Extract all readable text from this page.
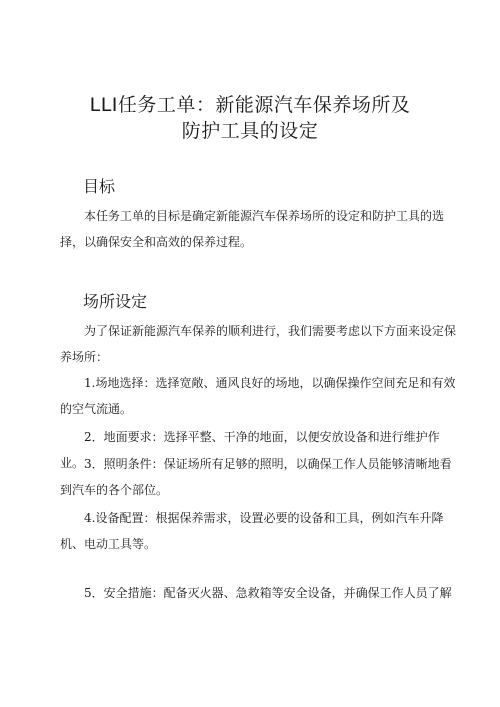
LLI任务工单：新能源汽车保养场所及
防护工具的设定
目标

本任务工单的目标是确定新能源汽车保养场所的设定和防护工具的选择，以确保安全和高效的保养过程。

场所设定

为了保证新能源汽车保养的顺利进行，我们需要考虑以下方面来设定保养场所：

1.场地选择：选择宽敞、通风良好的场地，以确保操作空间充足和有效的空气流通。

2．地面要求：选择平整、干净的地面，以便安放设备和进行维护作业。 3．照明条件：保证场所有足够的照明，以确保工作人员能够清晰地看到汽车的各个部位。

4.设备配置：根据保养需求，设置必要的设备和工具，例如汽车升降机、电动工具等。

5．安全措施：配备灭火器、急救箱等安全设备，并确保工作人员了解
